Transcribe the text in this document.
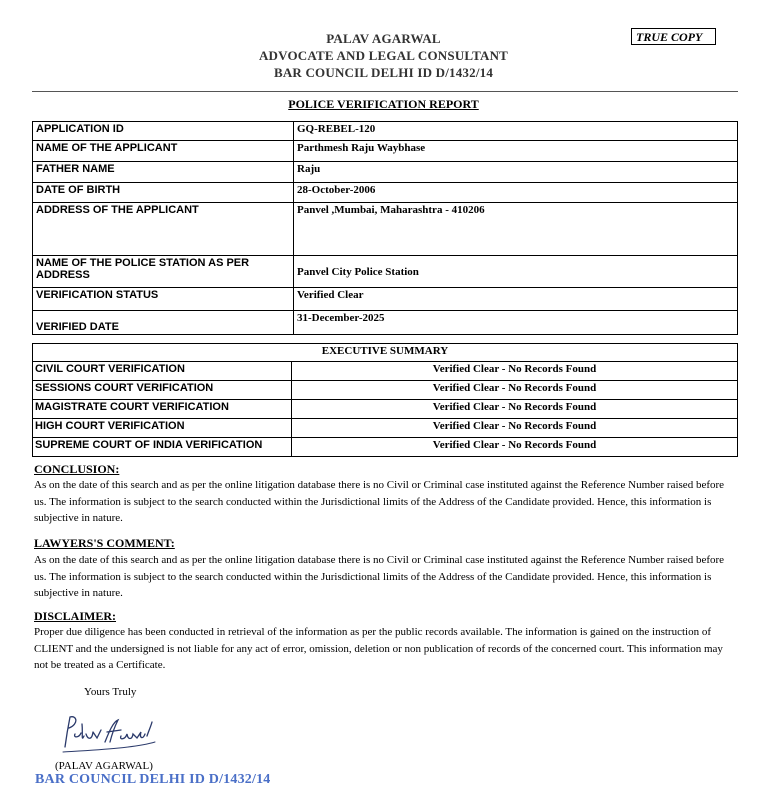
PALAV AGARWAL
ADVOCATE AND LEGAL CONSULTANT
BAR COUNCIL DELHI ID D/1432/14
TRUE COPY
POLICE VERIFICATION REPORT
APPLICATION ID	GQ-REBEL-120
NAME OF THE APPLICANT	Parthmesh Raju Waybhase
FATHER NAME	Raju
DATE OF BIRTH	28-October-2006
ADDRESS OF THE APPLICANT	Panvel ,Mumbai, Maharashtra - 410206
NAME OF THE POLICE STATION AS PER ADDRESS	Panvel City Police Station
VERIFICATION STATUS	Verified Clear
VERIFIED DATE	31-December-2025
EXECUTIVE SUMMARY	
CIVIL COURT VERIFICATION	Verified Clear - No Records Found
SESSIONS COURT VERIFICATION	Verified Clear - No Records Found
MAGISTRATE COURT VERIFICATION	Verified Clear - No Records Found
HIGH COURT VERIFICATION	Verified Clear - No Records Found
SUPREME COURT OF INDIA VERIFICATION	Verified Clear - No Records Found
CONCLUSION:
As on the date of this search and as per the online litigation database there is no Civil or Criminal case instituted against the Reference Number raised before us. The information is subject to the search conducted within the Jurisdictional limits of the Address of the Candidate provided. Hence, this information is subjective in nature.
LAWYERS'S COMMENT:
As on the date of this search and as per the online litigation database there is no Civil or Criminal case instituted against the Reference Number raised before us. The information is subject to the search conducted within the Jurisdictional limits of the Address of the Candidate provided. Hence, this information is subjective in nature.
DISCLAIMER:
Proper due diligence has been conducted in retrieval of the information as per the public records available. The information is gained on the instruction of CLIENT and the undersigned is not liable for any act of error, omission, deletion or non publication of records of the concerned court. This information may not be treated as a Certificate.
Yours Truly
(PALAV AGARWAL)
BAR COUNCIL DELHI ID D/1432/14
